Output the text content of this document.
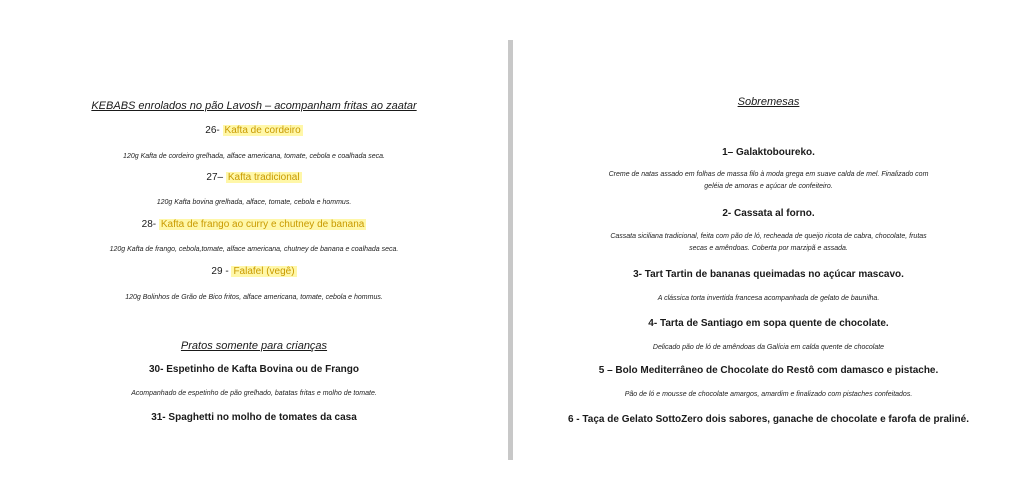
KEBABS enrolados no pão Lavosh – acompanham fritas ao zaatar
26- Kafta de cordeiro
120g Kafta de cordeiro grelhada, alface americana, tomate, cebola e coalhada seca.
27– Kafta tradicional
120g Kafta bovina grelhada, alface, tomate, cebola e hommus.
28- Kafta de frango ao curry e chutney de banana
120g Kafta de frango, cebola,tomate, alface americana, chutney de banana e coalhada seca.
29 - Falafel (vegê)
120g Bolinhos de Grão de Bico fritos, alface americana, tomate, cebola e hommus.
Pratos somente para crianças
30- Espetinho de Kafta Bovina ou de Frango
Acompanhado de espetinho de pão grelhado, batatas fritas e molho de tomate.
31- Spaghetti no molho de tomates da casa
Sobremesas
1– Galaktoboureko.
Creme de natas assado em folhas de massa filo à moda grega em suave calda de mel. Finalizado com
geléia de amoras e açúcar de confeiteiro.
2- Cassata al forno.
Cassata siciliana tradicional, feita com pão de ló, recheada de queijo ricota de cabra, chocolate, frutas
secas e amêndoas. Coberta por marzipã e assada.
3- Tart Tartin de bananas queimadas no açúcar mascavo.
A clássica torta invertida francesa acompanhada de gelato de baunilha.
4- Tarta de Santiago em sopa quente de chocolate.
Delicado pão de ló de amêndoas da Galícia em calda quente de chocolate
5 – Bolo Mediterrâneo de Chocolate do Restô com damasco e pistache.
Pão de ló e mousse de chocolate amargos, amardim e finalizado com pistaches confeitados.
6 - Taça de Gelato SottoZero dois sabores, ganache de chocolate e farofa de praliné.
